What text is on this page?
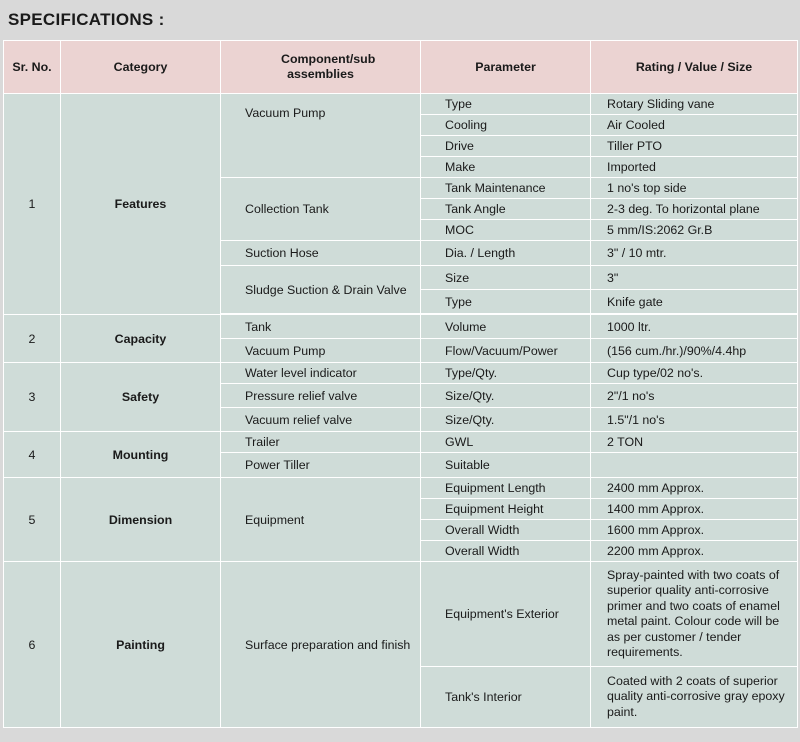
SPECIFICATIONS :
Sr. No.	Category	Component/sub assemblies	Parameter	Rating / Value / Size
1	Features	Vacuum Pump	Type	Rotary Sliding vane
			Cooling	Air Cooled
			Drive	Tiller PTO
			Make	Imported
		Collection Tank	Tank Maintenance	1 no's top side
			Tank Angle	2-3 deg. To horizontal plane
			MOC	5 mm/IS:2062 Gr.B
		Suction Hose	Dia. / Length	3" / 10 mtr.
		Sludge Suction & Drain Valve	Size	3"
			Type	Knife gate

2	Capacity	Tank	Volume	1000 ltr.
		Vacuum Pump	Flow/Vacuum/Power	(156 cum./hr.)/90%/4.4hp
3	Safety	Water level indicator	Type/Qty.	Cup type/02 no's.
		Pressure relief valve	Size/Qty.	2"/1 no's
		Vacuum relief valve	Size/Qty.	1.5"/1 no's
4	Mounting	Trailer	GWL	2 TON
		Power Tiller	Suitable	
5	Dimension	Equipment	Equipment Length	2400 mm Approx.
			Equipment Height	1400 mm Approx.
			Overall Width	1600 mm Approx.
			Overall Width	2200 mm Approx.
6	Painting	Surface preparation and finish	Equipment's Exterior	Spray-painted with two coats of superior quality anti-corrosive primer and two coats of enamel metal paint. Colour code will be as per customer / tender requirements.
			Tank's Interior	Coated with 2 coats of superior quality anti-corrosive gray epoxy paint.
